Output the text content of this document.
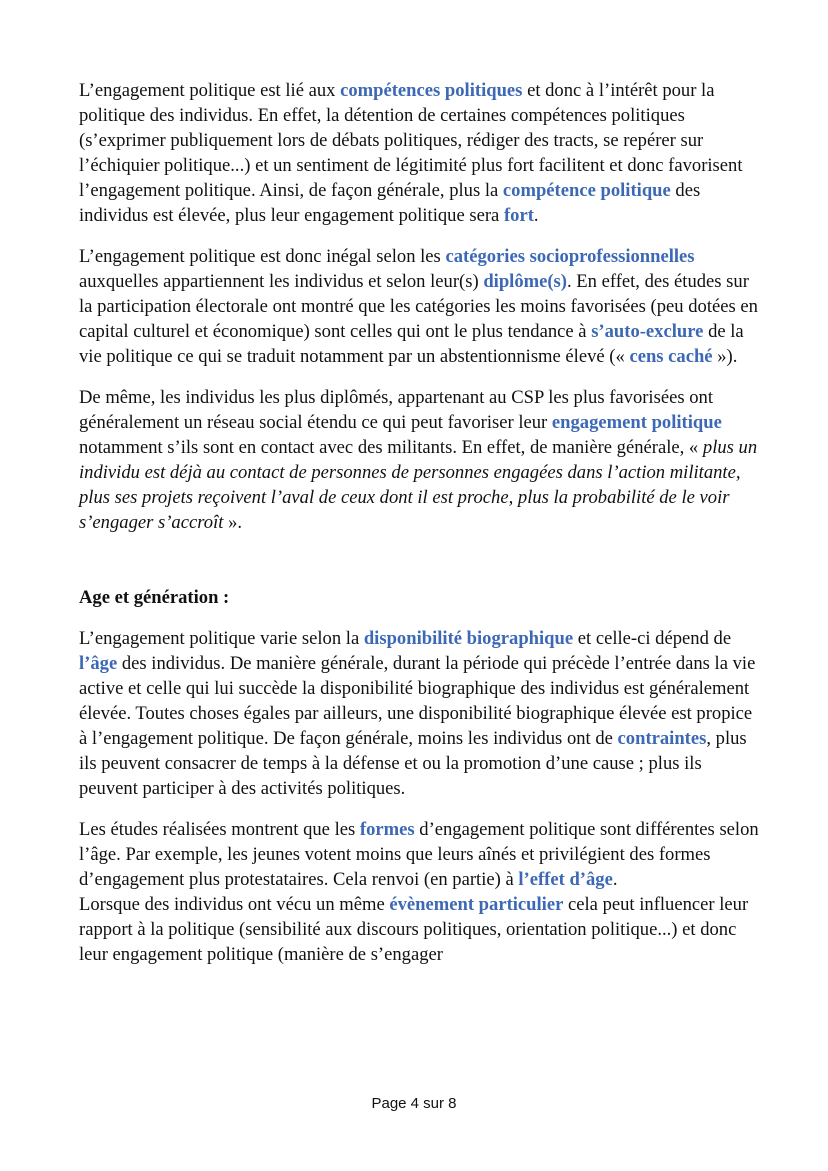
L’engagement politique est lié aux compétences politiques et donc à l’intérêt pour la politique des individus. En effet, la détention de certaines compétences politiques (s’exprimer publiquement lors de débats politiques, rédiger des tracts, se repérer sur l’échiquier politique...) et un sentiment de légitimité plus fort facilitent et donc favorisent l’engagement politique. Ainsi, de façon générale, plus la compétence politique des individus est élevée, plus leur engagement politique sera fort.

L’engagement politique est donc inégal selon les catégories socioprofessionnelles auxquelles appartiennent les individus et selon leur(s) diplôme(s). En effet, des études sur la participation électorale ont montré que les catégories les moins favorisées (peu dotées en capital culturel et économique) sont celles qui ont le plus tendance à s’auto-exclure de la vie politique ce qui se traduit notamment par un abstentionnisme élevé (« cens caché »).

De même, les individus les plus diplômés, appartenant au CSP les plus favorisées ont généralement un réseau social étendu ce qui peut favoriser leur engagement politique notamment s’ils sont en contact avec des militants. En effet, de manière générale, « plus un individu est déjà au contact de personnes de personnes engagées dans l’action militante, plus ses projets reçoivent l’aval de ceux dont il est proche, plus la probabilité de le voir s’engager s’accroît ».

Age et génération :

L’engagement politique varie selon la disponibilité biographique et celle-ci dépend de l’âge des individus. De manière générale, durant la période qui précède l’entrée dans la vie active et celle qui lui succède la disponibilité biographique des individus est généralement élevée. Toutes choses égales par ailleurs, une disponibilité biographique élevée est propice à l’engagement politique. De façon générale, moins les individus ont de contraintes, plus ils peuvent consacrer de temps à la défense et ou la promotion d’une cause ; plus ils peuvent participer à des activités politiques.

Les études réalisées montrent que les formes d’engagement politique sont différentes selon l’âge. Par exemple, les jeunes votent moins que leurs aînés et privilégient des formes d’engagement plus protestataires. Cela renvoi (en partie) à l’effet d’âge.

Lorsque des individus ont vécu un même évènement particulier cela peut influencer leur rapport à la politique (sensibilité aux discours politiques, orientation politique...) et donc leur engagement politique (manière de s’engager

Page 4 sur 8
